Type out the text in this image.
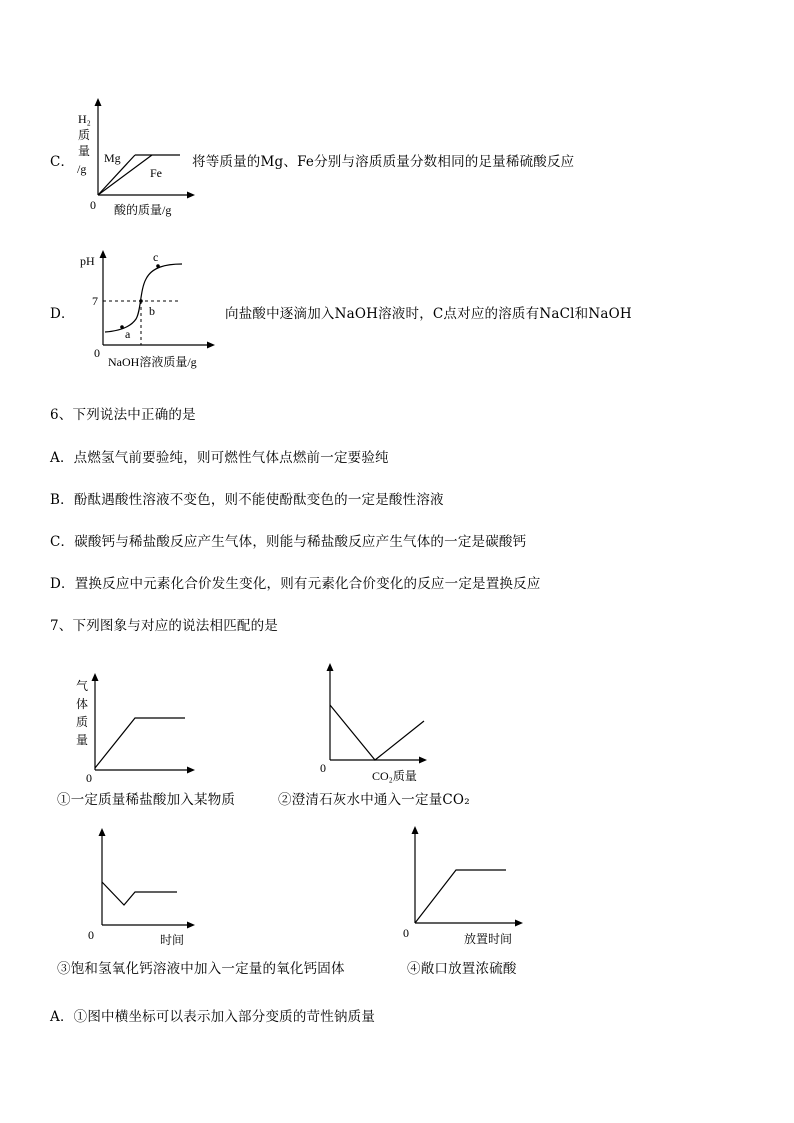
C．
H₂
质
量
/g
Mg
Fe
0 酸的质量/g
将等质量的Mg、Fe分别与溶质质量分数相同的足量稀硫酸反应
D．
pH
7
a
b
c
0
NaOH溶液质量/g
向盐酸中逐滴加入NaOH溶液时，C点对应的溶质有NaCl和NaOH
6、下列说法中正确的是
A．点燃氢气前要验纯，则可燃性气体点燃前一定要验纯
B．酚酞遇酸性溶液不变色，则不能使酚酞变色的一定是酸性溶液
C．碳酸钙与稀盐酸反应产生气体，则能与稀盐酸反应产生气体的一定是碳酸钙
D．置换反应中元素化合价发生变化，则有元素化合价变化的反应一定是置换反应
7、下列图象与对应的说法相匹配的是
气
体
质
量
0
①一定质量稀盐酸加入某物质
0
CO₂质量
②澄清石灰水中通入一定量CO₂
0	时间
③饱和氢氧化钙溶液中加入一定量的氧化钙固体
0	放置时间
④敞口放置浓硫酸
A．①图中横坐标可以表示加入部分变质的苛性钠质量
